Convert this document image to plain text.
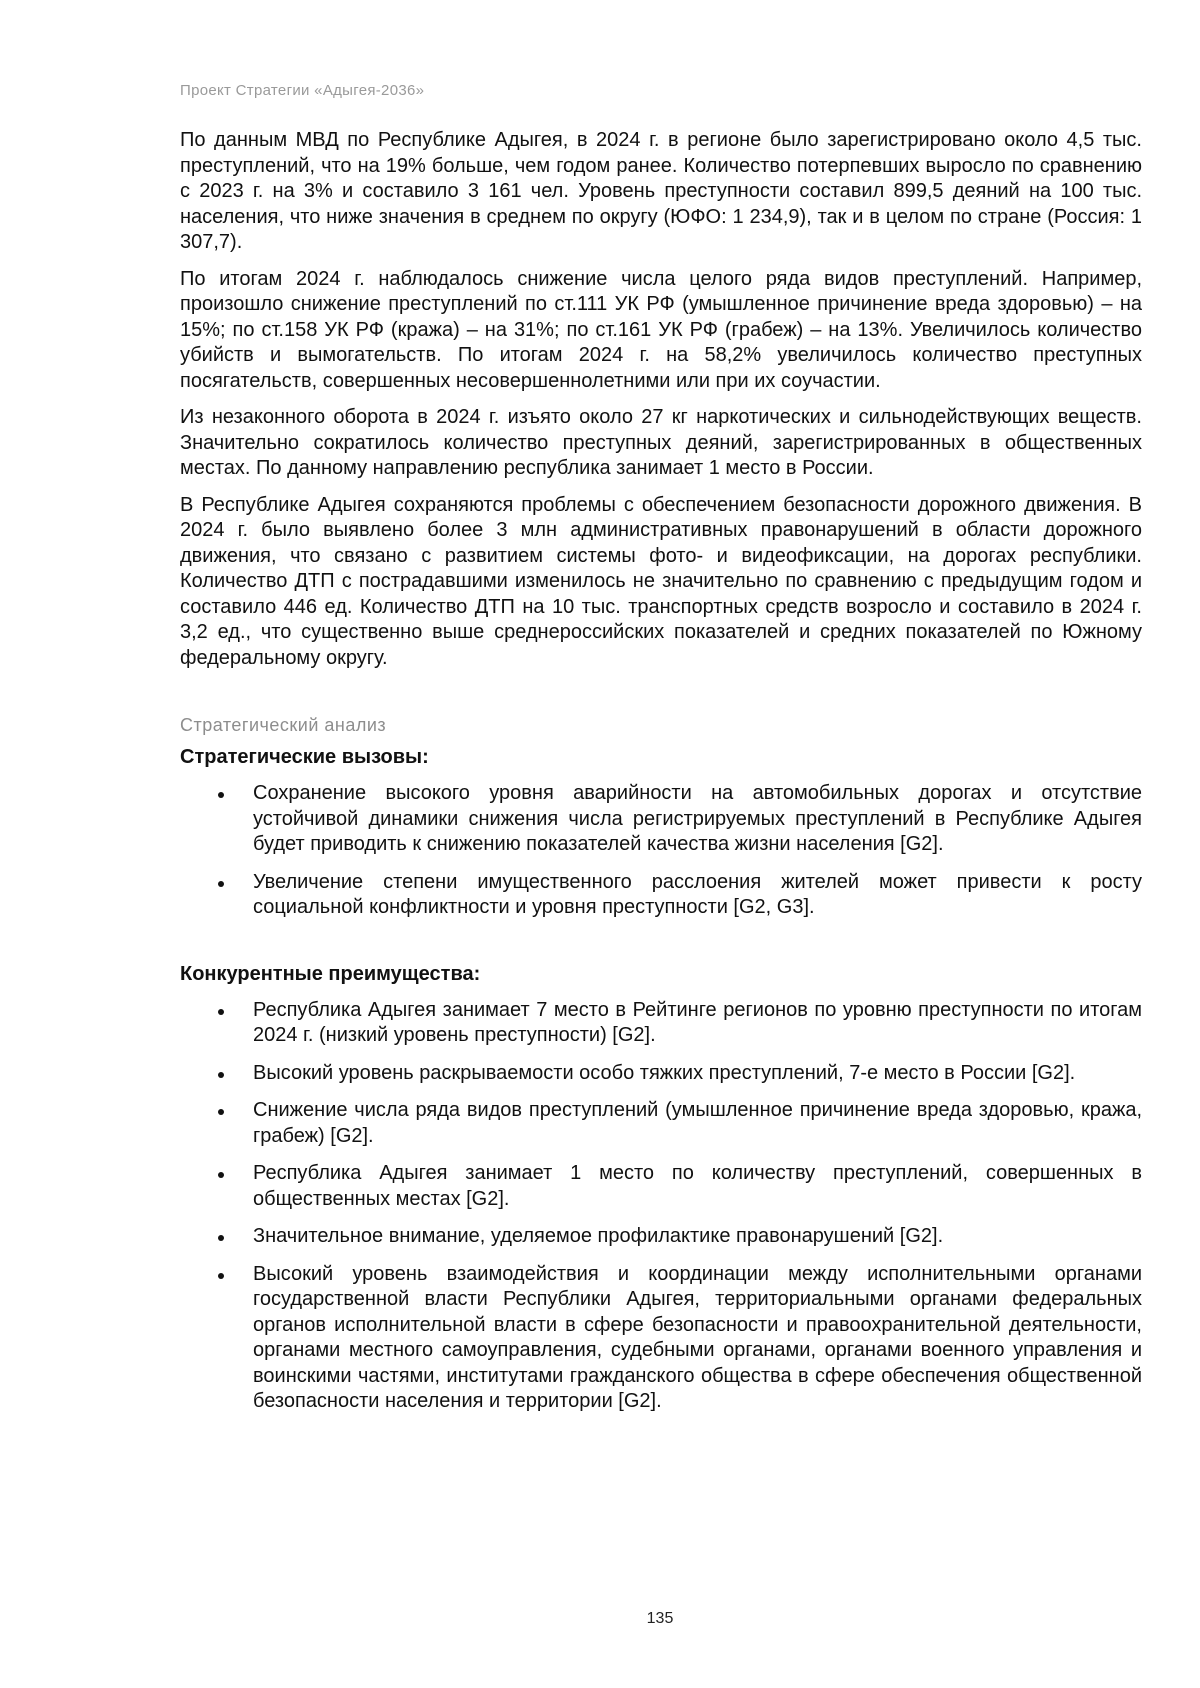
Проект Стратегии «Адыгея-2036»

По данным МВД по Республике Адыгея, в 2024 г. в регионе было зарегистрировано около 4,5 тыс. преступлений, что на 19% больше, чем годом ранее. Количество потерпевших выросло по сравнению с 2023 г. на 3% и составило 3 161 чел. Уровень преступности составил 899,5 деяний на 100 тыс. населения, что ниже значения в среднем по округу (ЮФО: 1 234,9), так и в целом по стране (Россия: 1 307,7).

По итогам 2024 г. наблюдалось снижение числа целого ряда видов преступлений. Например, произошло снижение преступлений по ст.111 УК РФ (умышленное причинение вреда здоровью) – на 15%; по ст.158 УК РФ (кража) – на 31%; по ст.161 УК РФ (грабеж) – на 13%. Увеличилось количество убийств и вымогательств. По итогам 2024 г. на 58,2% увеличилось количество преступных посягательств, совершенных несовершеннолетними или при их соучастии.

Из незаконного оборота в 2024 г. изъято около 27 кг наркотических и сильнодействующих веществ. Значительно сократилось количество преступных деяний, зарегистрированных в общественных местах. По данному направлению республика занимает 1 место в России.

В Республике Адыгея сохраняются проблемы с обеспечением безопасности дорожного движения. В 2024 г. было выявлено более 3 млн административных правонарушений в области дорожного движения, что связано с развитием системы фото- и видеофиксации, на дорогах республики. Количество ДТП с пострадавшими изменилось не значительно по сравнению с предыдущим годом и составило 446 ед. Количество ДТП на 10 тыс. транспортных средств возросло и составило в 2024 г. 3,2 ед., что существенно выше среднероссийских показателей и средних показателей по Южному федеральному округу.

Стратегический анализ
Стратегические вызовы:
Сохранение высокого уровня аварийности на автомобильных дорогах и отсутствие устойчивой динамики снижения числа регистрируемых преступлений в Республике Адыгея будет приводить к снижению показателей качества жизни населения [G2].
Увеличение степени имущественного расслоения жителей может привести к росту социальной конфликтности и уровня преступности [G2, G3].
Конкурентные преимущества:
Республика Адыгея занимает 7 место в Рейтинге регионов по уровню преступности по итогам 2024 г. (низкий уровень преступности) [G2].
Высокий уровень раскрываемости особо тяжких преступлений, 7-е место в России [G2].
Снижение числа ряда видов преступлений (умышленное причинение вреда здоровью, кража, грабеж) [G2].
Республика Адыгея занимает 1 место по количеству преступлений, совершенных в общественных местах [G2].
Значительное внимание, уделяемое профилактике правонарушений [G2].
Высокий уровень взаимодействия и координации между исполнительными органами государственной власти Республики Адыгея, территориальными органами федеральных органов исполнительной власти в сфере безопасности и правоохранительной деятельности, органами местного самоуправления, судебными органами, органами военного управления и воинскими частями, институтами гражданского общества в сфере обеспечения общественной безопасности населения и территории [G2].
135
